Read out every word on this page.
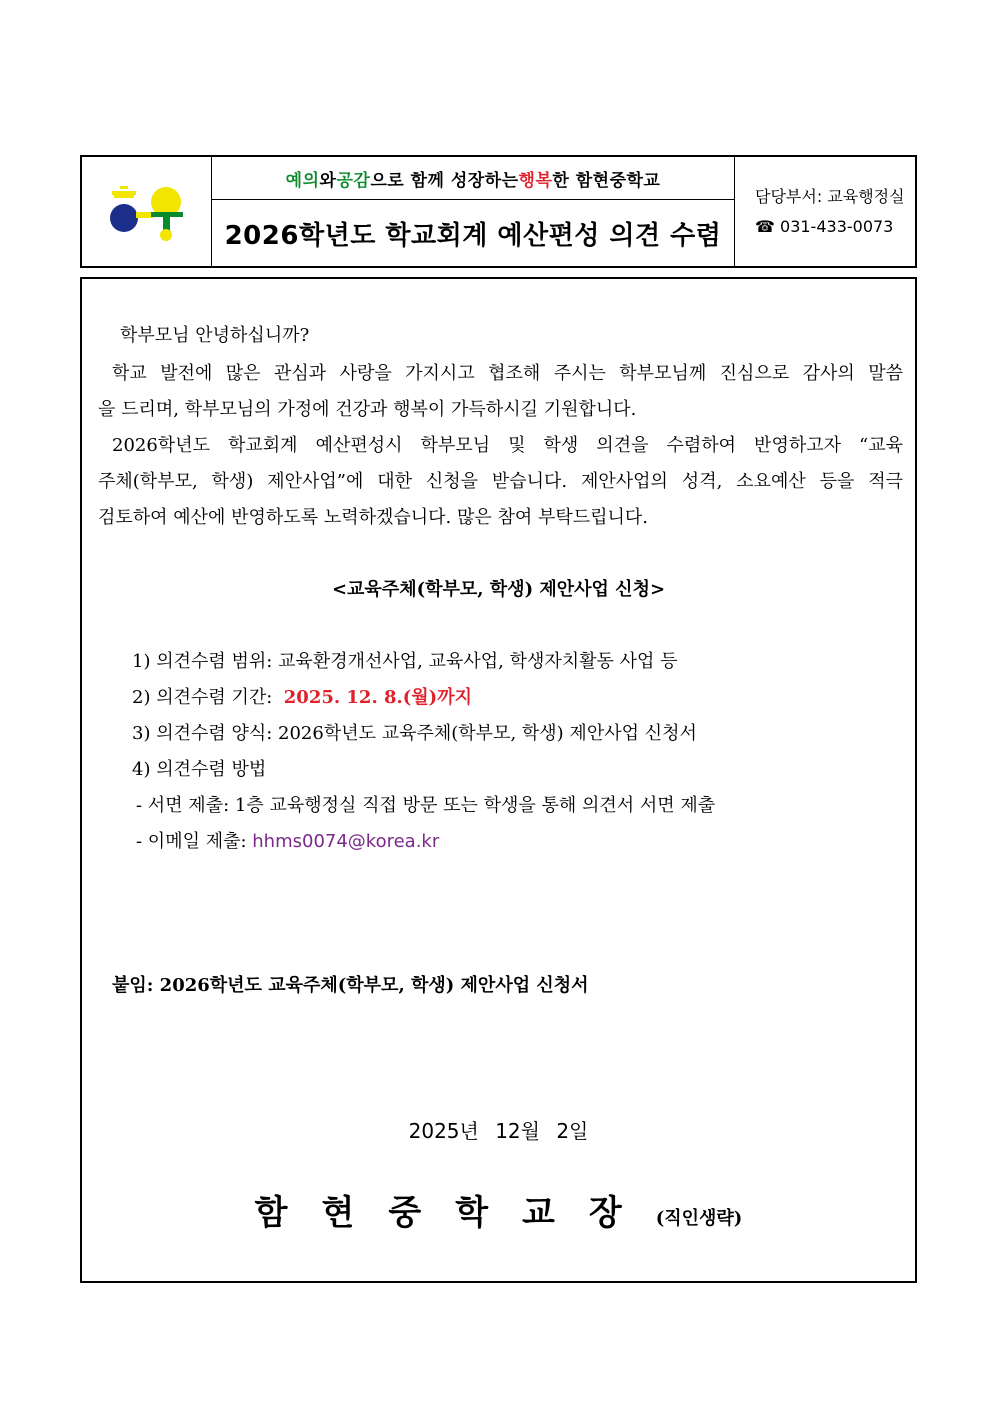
예의 와 공감 으로 함께 성장하는 행복 한 함현중학교
2026학년도 학교회계 예산편성 의견 수렴
담당부서: 교육행정실
☎ 031-433-0073
학부모님 안녕하십니까?
학교 발전에 많은 관심과 사랑을 가지시고 협조해 주시는 학부모님께 진심으로 감사의 말씀
을 드리며, 학부모님의 가정에 건강과 행복이 가득하시길 기원합니다.
2026학년도 학교회계 예산편성시 학부모님 및 학생 의견을 수렴하여 반영하고자 “교육
주체(학부모, 학생) 제안사업”에 대한 신청을 받습니다. 제안사업의 성격, 소요예산 등을 적극
검토하여 예산에 반영하도록 노력하겠습니다. 많은 참여 부탁드립니다.
<교육주체(학부모, 학생) 제안사업 신청>
1) 의견수렴 범위: 교육환경개선사업, 교육사업, 학생자치활동 사업 등
2) 의견수렴 기간: 2025. 12. 8.(월)까지
3) 의견수렴 양식: 2026학년도 교육주체(학부모, 학생) 제안사업 신청서
4) 의견수렴 방법
- 서면 제출: 1층 교육행정실 직접 방문 또는 학생을 통해 의견서 서면 제출
- 이메일 제출: hhms0074@korea.kr
붙임: 2026학년도 교육주체(학부모, 학생) 제안사업 신청서
2025년 12월 2일
함현중학교장(직인생략)
